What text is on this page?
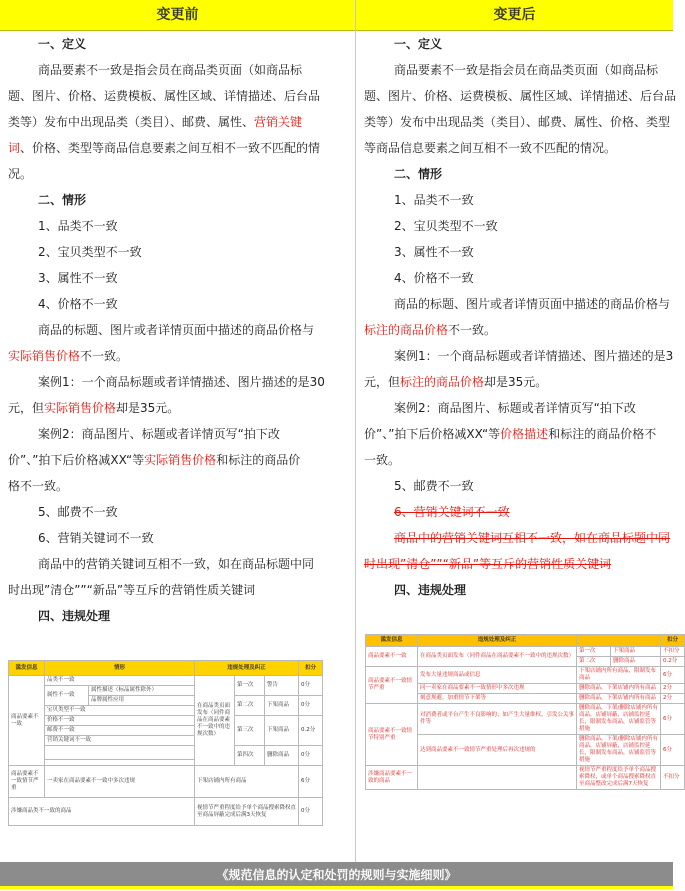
变更前
一、定义
商品要素不一致是指会员在商品类页面（如商品标
题、图片、价格、运费模板、属性区域、详情描述、后台品
类等）发布中出现品类（类目）、邮费、属性、营销关键
词、价格、类型等商品信息要素之间互相不一致不匹配的情
况。
二、情形
1、品类不一致
2、宝贝类型不一致
3、属性不一致
4、价格不一致
商品的标题、图片或者详情页面中描述的商品价格与
实际销售价格不一致。
案例1：一个商品标题或者详情描述、图片描述的是30
元，但实际销售价格却是35元。
案例2：商品图片、标题或者详情页写“拍下改
价”、”拍下后价格减XX“等实际销售价格和标注的商品价
格不一致。
5、邮费不一致
6、营销关键词不一致
商品中的营销关键词互相不一致，如在商品标题中同
时出现”清仓””“新品”等互斥的营销性质关键词
四、违规处理
滥发信息	情形		违规处理及纠正			扣分
商品要素不一致	品类不一致		在商品类页面发布（同件商品在商品要素不一致中的违规次数）	第一次	警告	0分
	属性不一致	属性描述（标品属性除外）				
		品牌属性应用		第二次	下架商品	0分
	宝贝类型不一致					
	价格不一致			第三次	下架商品	0.2分
	邮费不一致					
	营销关键词不一致					
				第四次	删除商品	0分

商品要素不一致情节严重	一卖家在商品要素不一致中多次违规		下架店铺内所有商品			6分
涉嫌商品类不一致的商品			视情节严重程度给予单个商品搜索降权直至商品屏蔽完成后满3天恢复			0分
变更后
一、定义
商品要素不一致是指会员在商品类页面（如商品标
题、图片、价格、运费模板、属性区域、详情描述、后台品
类等）发布中出现品类（类目）、邮费、属性、价格、类型
等商品信息要素之间互相不一致不匹配的情况。
二、情形
1、品类不一致
2、宝贝类型不一致
3、属性不一致
4、价格不一致
商品的标题、图片或者详情页面中描述的商品价格与
标注的商品价格不一致。
案例1：一个商品标题或者详情描述、图片描述的是3
元，但标注的商品价格却是35元。
案例2：商品图片、标题或者详情页写“拍下改
价”、”拍下后价格减XX“等价格描述和标注的商品价格不
一致。
5、邮费不一致
6、营销关键词不一致
商品中的营销关键词互相不一致，如在商品标题中同
时出现”清仓””“新品”等互斥的营销性质关键词
四、违规处理
滥发信息	违规处理及纠正			扣分
商品要素不一致	在商品类页面发布（同件商品在商品要素不一致中的违规次数）	第一次	下架商品	不扣分
		第二次	删除商品	0.2分
商品要素不一致情节严重	发布大量违规商品或信息	下架店铺内所有商品，限制发布商品		6分
	同一卖家在商品要素不一致情形中多次违规	删除商品，下架店铺内所有商品		2分
	刻意规避，加重情节下架等	删除商品，下架店铺内所有商品		2分
商品要素不一致情节特别严重	对消费者或平台产生不良影响的；如产生大量维权、引发公关事件等	删除商品，下架/删除店铺内所有商品，店铺屏蔽，店铺监控延长，限制发布商品，店铺监管等措施		6分
	达到商品要素不一致情节严重处理后再次违规的	删除商品，下架/删除店铺内所有商品，店铺屏蔽，店铺监控延长，限制发布商品，店铺监管等措施		6分
涉嫌商品要素不一致的商品		视情节严重程度给予单个商品搜索降权，或单个商品搜索降权直至商品整改完成后满7天恢复		不扣分
《规范信息的认定和处罚的规则与实施细则》
